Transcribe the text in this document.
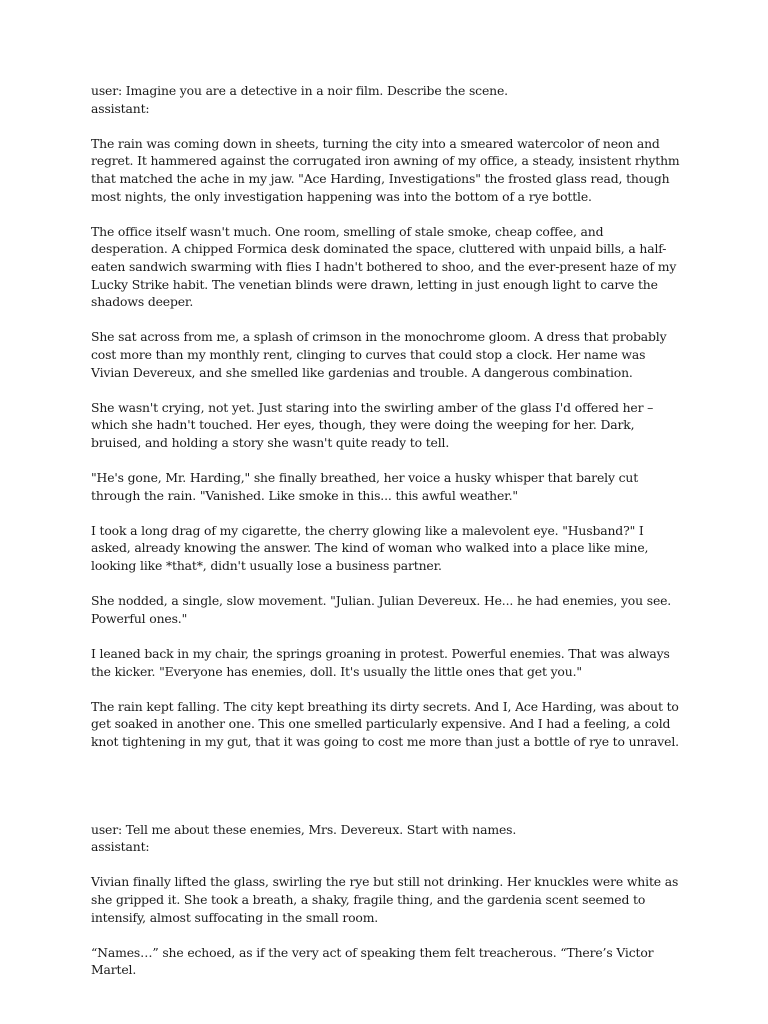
user: Imagine you are a detective in a noir film. Describe the scene.

assistant:

The rain was coming down in sheets, turning the city into a smeared watercolor of neon and regret. It hammered against the corrugated iron awning of my office, a steady, insistent rhythm that matched the ache in my jaw. "Ace Harding, Investigations" the frosted glass read, though most nights, the only investigation happening was into the bottom of a rye bottle.

The office itself wasn't much. One room, smelling of stale smoke, cheap coffee, and desperation. A chipped Formica desk dominated the space, cluttered with unpaid bills, a half-eaten sandwich swarming with flies I hadn't bothered to shoo, and the ever-present haze of my Lucky Strike habit. The venetian blinds were drawn, letting in just enough light to carve the shadows deeper.

She sat across from me, a splash of crimson in the monochrome gloom. A dress that probably cost more than my monthly rent, clinging to curves that could stop a clock. Her name was Vivian Devereux, and she smelled like gardenias and trouble. A dangerous combination.

She wasn't crying, not yet. Just staring into the swirling amber of the glass I'd offered her – which she hadn't touched. Her eyes, though, they were doing the weeping for her. Dark, bruised, and holding a story she wasn't quite ready to tell.

"He's gone, Mr. Harding," she finally breathed, her voice a husky whisper that barely cut through the rain. "Vanished. Like smoke in this... this awful weather."

I took a long drag of my cigarette, the cherry glowing like a malevolent eye. "Husband?" I asked, already knowing the answer. The kind of woman who walked into a place like mine, looking like *that*, didn't usually lose a business partner.

She nodded, a single, slow movement. "Julian. Julian Devereux. He... he had enemies, you see. Powerful ones."

I leaned back in my chair, the springs groaning in protest. Powerful enemies. That was always the kicker. "Everyone has enemies, doll. It's usually the little ones that get you."

The rain kept falling. The city kept breathing its dirty secrets. And I, Ace Harding, was about to get soaked in another one. This one smelled particularly expensive. And I had a feeling, a cold knot tightening in my gut, that it was going to cost me more than just a bottle of rye to unravel.

user: Tell me about these enemies, Mrs. Devereux. Start with names.

assistant:

Vivian finally lifted the glass, swirling the rye but still not drinking. Her knuckles were white as she gripped it. She took a breath, a shaky, fragile thing, and the gardenia scent seemed to intensify, almost suffocating in the small room.

“Names…” she echoed, as if the very act of speaking them felt treacherous. “There’s Victor Martel.
